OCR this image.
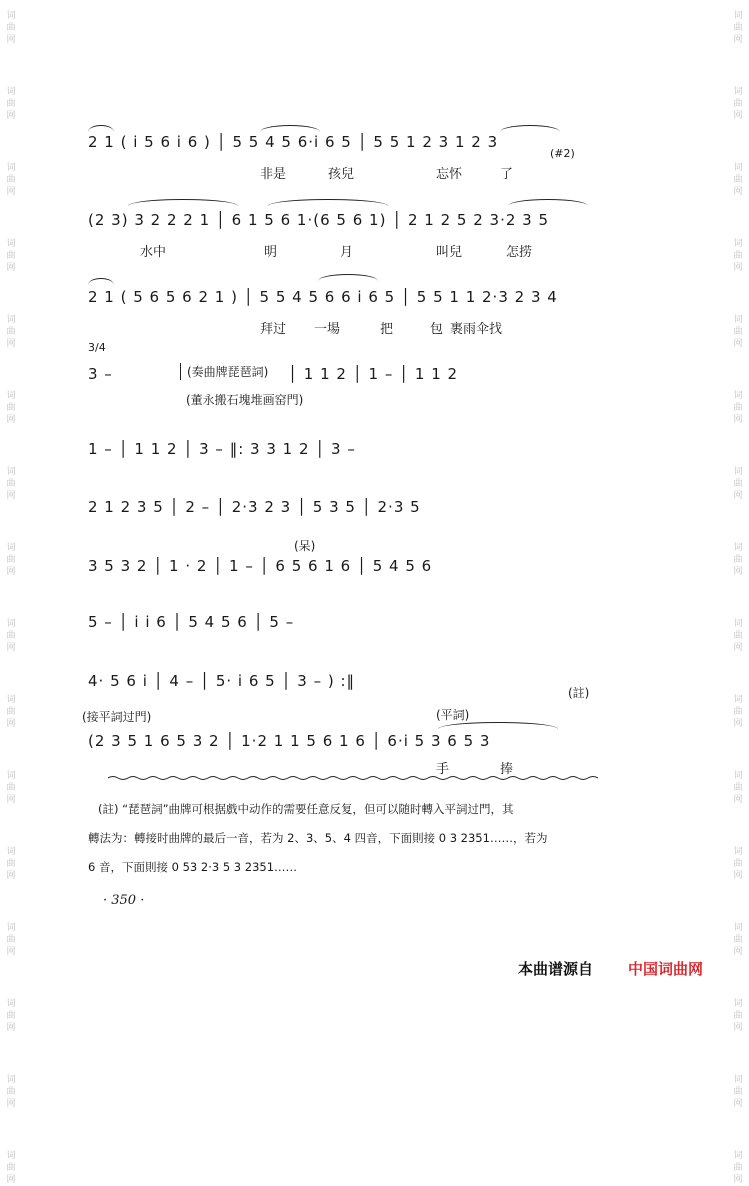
词
曲
网
词
曲
网
词
曲
网
词
曲
网
词
曲
网
词
曲
网
词
曲
网
词
曲
网
词
曲
网
词
曲
网
词
曲
网
词
曲
网
词
曲
网
词
曲
网
词
曲
网
词
曲
网
词
曲
网
词
曲
网
词
曲
网
词
曲
网
词
曲
网
词
曲
网
词
曲
网
词
曲
网
词
曲
网
词
曲
网
词
曲
网
词
曲
网
词
曲
网
词
曲
网
词
曲
网
词
曲
网
2 1 ( i 5 6 i 6 ) │ 5 5 4 5 6·i 6 5 │ 5 5 1 2 3 1 2 3
(#2)
非是	孩兒	忘怀	了
(2 3) 3 2 2 2 1 │ 6 1 5 6 1·(6 5 6 1) │ 2 1 2 5 2 3·2 3 5
水中	明	月	叫兒	怎捞
2 1 ( 5 6 5 6 2 1 ) │ 5 5 4 5 6 6 i 6 5 │ 5 5 1 1 2·3 2 3 4
拜过 一場	把	包 裹雨伞找
3/4
3 –	(奏曲牌琵琶詞) │ 1 1 2 │ 1 – │ 1 1 2
(董永搬石塊堆画窑門)
1 – │ 1 1 2 │ 3 – ‖: 3 3 1 2 │ 3 –
2 1 2 3 5 │ 2 – │ 2·3 2 3 │ 5 3 5 │ 2·3 5
(呆)
3 5 3 2 │ 1 · 2 │ 1 – │ 6 5 6 1 6 │ 5 4 5 6
5 – │ i i 6 │ 5 4 5 6 │ 5 –
4· 5 6 i │ 4 – │ 5· i 6 5 │ 3 – ) :‖
(註)
(接平詞过門)	(平詞)
(2 3 5 1 6 5 3 2 │ 1·2 1 1 5 6 1 6 │ 6·i 5 3 6 5 3
手	捧
(註) “琵琶詞”曲牌可根据戲中动作的需要任意反复，但可以随时轉入平詞过門，其
轉法为：轉接时曲牌的最后一音，若为 2、3、5、4 四音，下面則接 0 3 2351……，若为
6 音，下面則接 0 53 2·3 5 3 2351……
· 350 ·
本曲谱源自 中国词曲网
